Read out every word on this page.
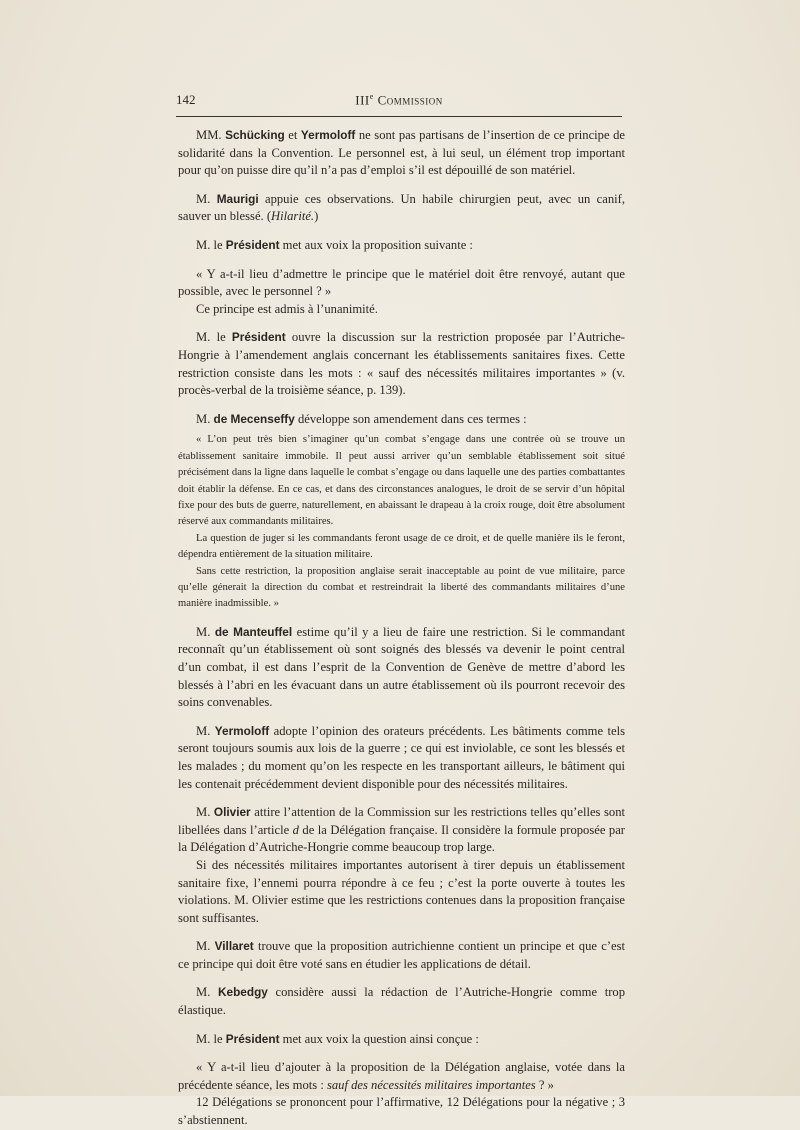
142	IIIe Commission

MM. Schücking et Yermoloff ne sont pas partisans de l’insertion de ce principe de solidarité dans la Convention. Le personnel est, à lui seul, un élément trop important pour qu’on puisse dire qu’il n’a pas d’emploi s’il est dépouillé de son matériel.

M. Maurigi appuie ces observations. Un habile chirurgien peut, avec un canif, sauver un blessé. (Hilarité.)

M. le Président met aux voix la proposition suivante :

« Y a-t-il lieu d’admettre le principe que le matériel doit être renvoyé, autant que possible, avec le personnel ? »

Ce principe est admis à l’unanimité.

M. le Président ouvre la discussion sur la restriction proposée par l’Autriche-Hongrie à l’amendement anglais concernant les établissements sanitaires fixes. Cette restriction consiste dans les mots : « sauf des nécessités militaires importantes » (v. procès-verbal de la troisième séance, p. 139).

M. de Mecenseffy développe son amendement dans ces termes :

« L’on peut très bien s’imaginer qu’un combat s’engage dans une contrée où se trouve un établissement sanitaire immobile. Il peut aussi arriver qu’un semblable établissement soit situé précisément dans la ligne dans laquelle le combat s’engage ou dans laquelle une des parties combattantes doit établir la défense. En ce cas, et dans des circonstances analogues, le droit de se servir d’un hôpital fixe pour des buts de guerre, naturellement, en abaissant le drapeau à la croix rouge, doit être absolument réservé aux commandants militaires.

La question de juger si les commandants feront usage de ce droit, et de quelle manière ils le feront, dépendra entièrement de la situation militaire.

Sans cette restriction, la proposition anglaise serait inacceptable au point de vue militaire, parce qu’elle génerait la direction du combat et restreindrait la liberté des commandants militaires d’une manière inadmissible. »

M. de Manteuffel estime qu’il y a lieu de faire une restriction. Si le commandant reconnaît qu’un établissement où sont soignés des blessés va devenir le point central d’un combat, il est dans l’esprit de la Convention de Genève de mettre d’abord les blessés à l’abri en les évacuant dans un autre établissement où ils pourront recevoir des soins convenables.

M. Yermoloff adopte l’opinion des orateurs précédents. Les bâtiments comme tels seront toujours soumis aux lois de la guerre ; ce qui est inviolable, ce sont les blessés et les malades ; du moment qu’on les respecte en les transportant ailleurs, le bâtiment qui les contenait précédemment devient disponible pour des nécessités militaires.

M. Olivier attire l’attention de la Commission sur les restrictions telles qu’elles sont libellées dans l’article d de la Délégation française. Il considère la formule proposée par la Délégation d’Autriche-Hongrie comme beaucoup trop large.

Si des nécessités militaires importantes autorisent à tirer depuis un établissement sanitaire fixe, l’ennemi pourra répondre à ce feu ; c’est la porte ouverte à toutes les violations. M. Olivier estime que les restrictions contenues dans la proposition française sont suffisantes.

M. Villaret trouve que la proposition autrichienne contient un principe et que c’est ce principe qui doit être voté sans en étudier les applications de détail.

M. Kebedgy considère aussi la rédaction de l’Autriche-Hongrie comme trop élastique.

M. le Président met aux voix la question ainsi conçue :

« Y a-t-il lieu d’ajouter à la proposition de la Délégation anglaise, votée dans la précédente séance, les mots : sauf des nécessités militaires importantes ? »

12 Délégations se prononcent pour l’affirmative, 12 Délégations pour la négative ; 3 s’abstiennent.
